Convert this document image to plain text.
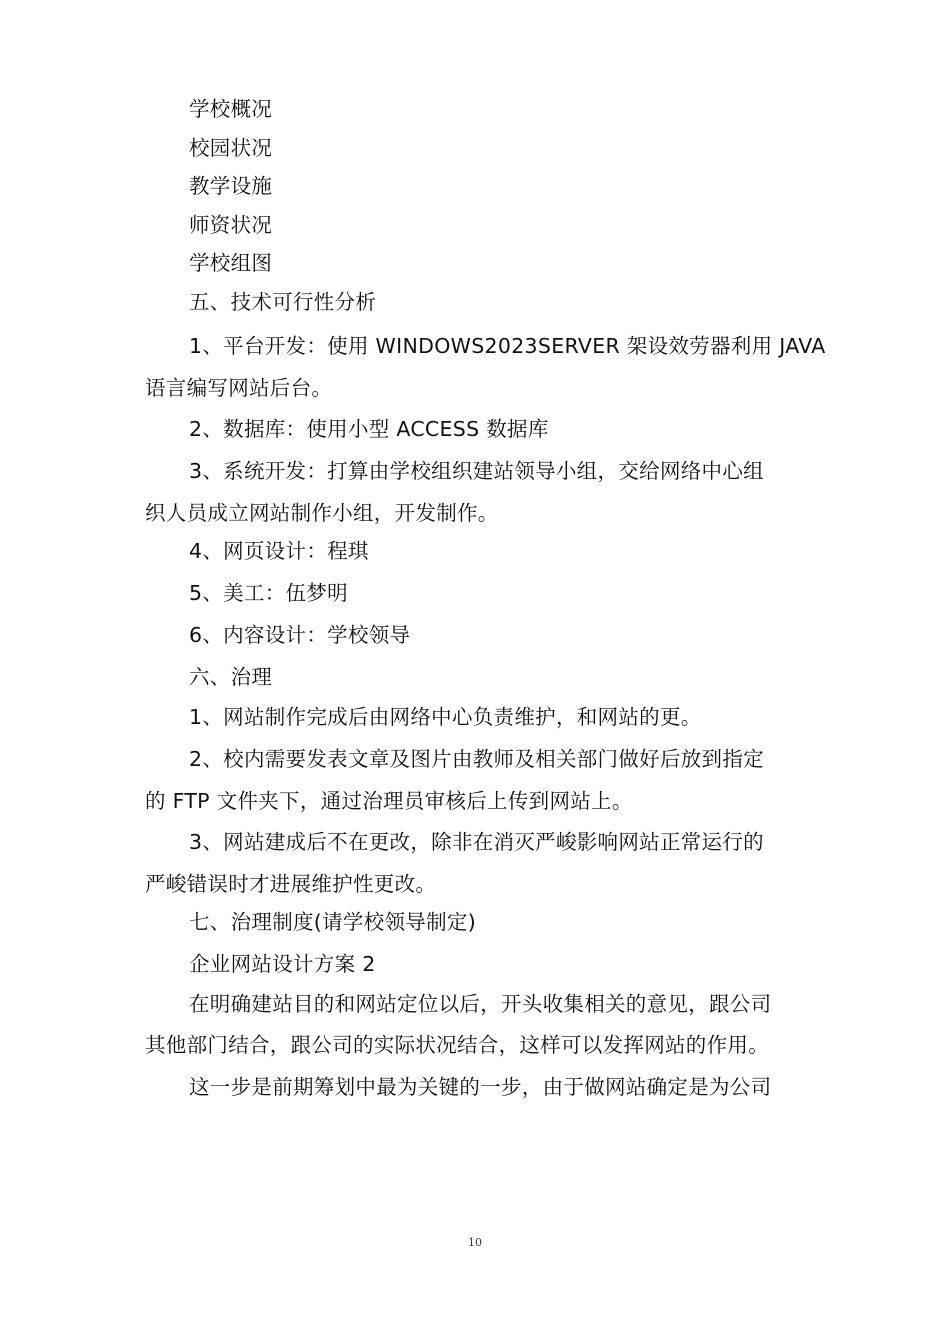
学校概况
校园状况
教学设施
师资状况
学校组图
五、技术可行性分析
1、平台开发：使用 WINDOWS2023SERVER 架设效劳器利用 JAVA
语言编写网站后台。
2、数据库：使用小型 ACCESS 数据库
3、系统开发：打算由学校组织建站领导小组，交给网络中心组
织人员成立网站制作小组，开发制作。
4、网页设计：程琪
5、美工：伍梦明
6、内容设计：学校领导
六、治理
1、网站制作完成后由网络中心负责维护，和网站的更。
2、校内需要发表文章及图片由教师及相关部门做好后放到指定
的 FTP 文件夹下，通过治理员审核后上传到网站上。
3、网站建成后不在更改，除非在消灭严峻影响网站正常运行的
严峻错误时才进展维护性更改。
七、治理制度(请学校领导制定)
企业网站设计方案 2
在明确建站目的和网站定位以后，开头收集相关的意见，跟公司
其他部门结合，跟公司的实际状况结合，这样可以发挥网站的作用。
这一步是前期筹划中最为关键的一步，由于做网站确定是为公司
10
